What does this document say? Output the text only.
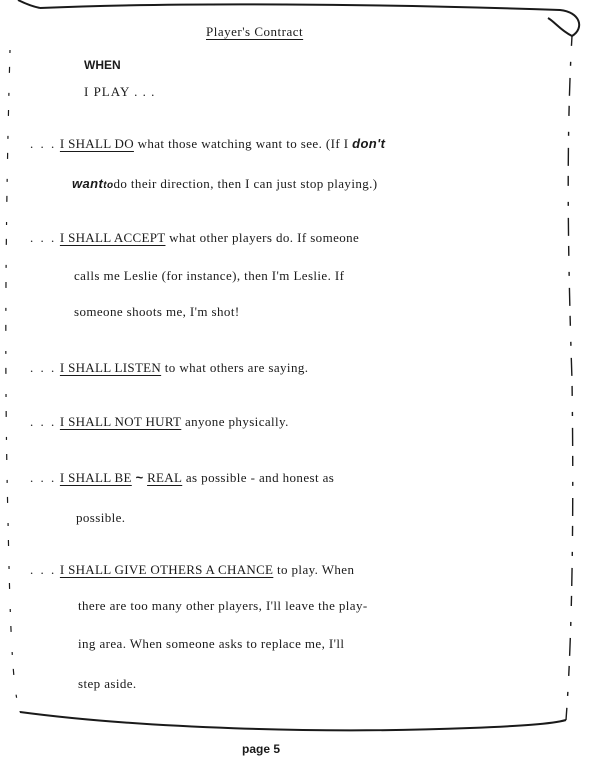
Player's Contract
WHEN
I PLAY . . .
. . . I SHALL DO what those watching want to see. (If I don't
wanttodo their direction, then I can just stop playing.)
. . . I SHALL ACCEPT what other players do. If someone
calls me Leslie (for instance), then I'm Leslie. If
someone shoots me, I'm shot!
. . . I SHALL LISTEN to what others are saying.
. . . I SHALL NOT HURT anyone physically.
. . . I SHALL BE ~ REAL as possible - and honest as
possible.
. . . I SHALL GIVE OTHERS A CHANCE to play. When
there are too many other players, I'll leave the play-
ing area. When someone asks to replace me, I'll
step aside.
page 5
